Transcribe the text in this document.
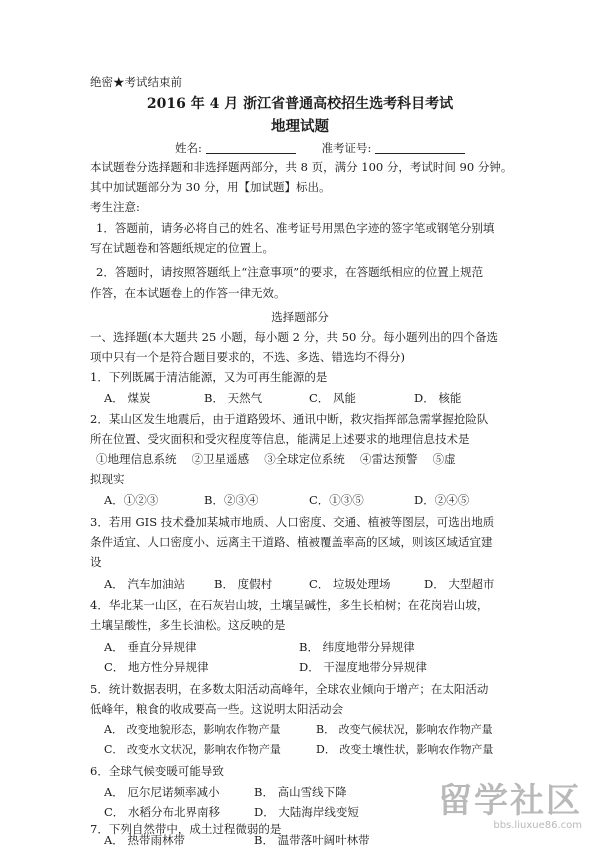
绝密★考试结束前
2016 年 4 月 浙江省普通高校招生选考科目考试
地理试题
姓名:	准考证号:
本试题卷分选择题和非选择题两部分，共 8 页，满分 100 分，考试时间 90 分钟。
其中加试题部分为 30 分，用【加试题】标出。
考生注意:
1．答题前，请务必将自己的姓名、准考证号用黑色字迹的签字笔或钢笔分别填
写在试题卷和答题纸规定的位置上。
2．答题时，请按照答题纸上“注意事项”的要求，在答题纸相应的位置上规范
作答，在本试题卷上的作答一律无效。
选择题部分
一、选择题(本大题共 25 小题，每小题 2 分，共 50 分。每小题列出的四个备选
项中只有一个是符合题目要求的，不选、多选、错选均不得分)
1．下列既属于清洁能源，又为可再生能源的是
A． 煤炭	B． 天然气	C． 风能	D． 核能
2．某山区发生地震后，由于道路毁坏、通讯中断，救灾指挥部急需掌握抢险队
所在位置、受灾面积和受灾程度等信息，能满足上述要求的地理信息技术是
①地理信息系统　 ②卫星遥感　 ③全球定位系统　 ④雷达预警　 ⑤虚
拟现实
A．①②③	B．②③④	C．①③⑤	D．②④⑤
3．若用 GIS 技术叠加某城市地质、人口密度、交通、植被等图层，可选出地质
条件适宜、人口密度小、远离主干道路、植被覆盖率高的区域，则该区域适宜建
设
A． 汽车加油站	B． 度假村	C． 垃圾处理场	D． 大型超市
4．华北某一山区，在石灰岩山坡，土壤呈碱性，多生长柏树；在花岗岩山坡，
土壤呈酸性，多生长油松。这反映的是
A． 垂直分异规律	B． 纬度地带分异规律
C． 地方性分异规律	D． 干湿度地带分异规律
5．统计数据表明，在多数太阳活动高峰年，全球农业倾向于增产；在太阳活动
低峰年，粮食的收成要高一些。这说明太阳活动会
A． 改变地貌形态，影响农作物产量	B． 改变气候状况，影响农作物产量
C． 改变水文状况，影响农作物产量	D． 改变土壤性状，影响农作物产量
6．全球气候变暖可能导致
A． 厄尔尼诺频率减小	B． 高山雪线下降
C． 水稻分布北界南移	D． 大陆海岸线变短
7．下列自然带中，成土过程微弱的是
A． 热带雨林带	B． 温带落叶阔叶林带
留学社区
bbs.liuxue86.com
